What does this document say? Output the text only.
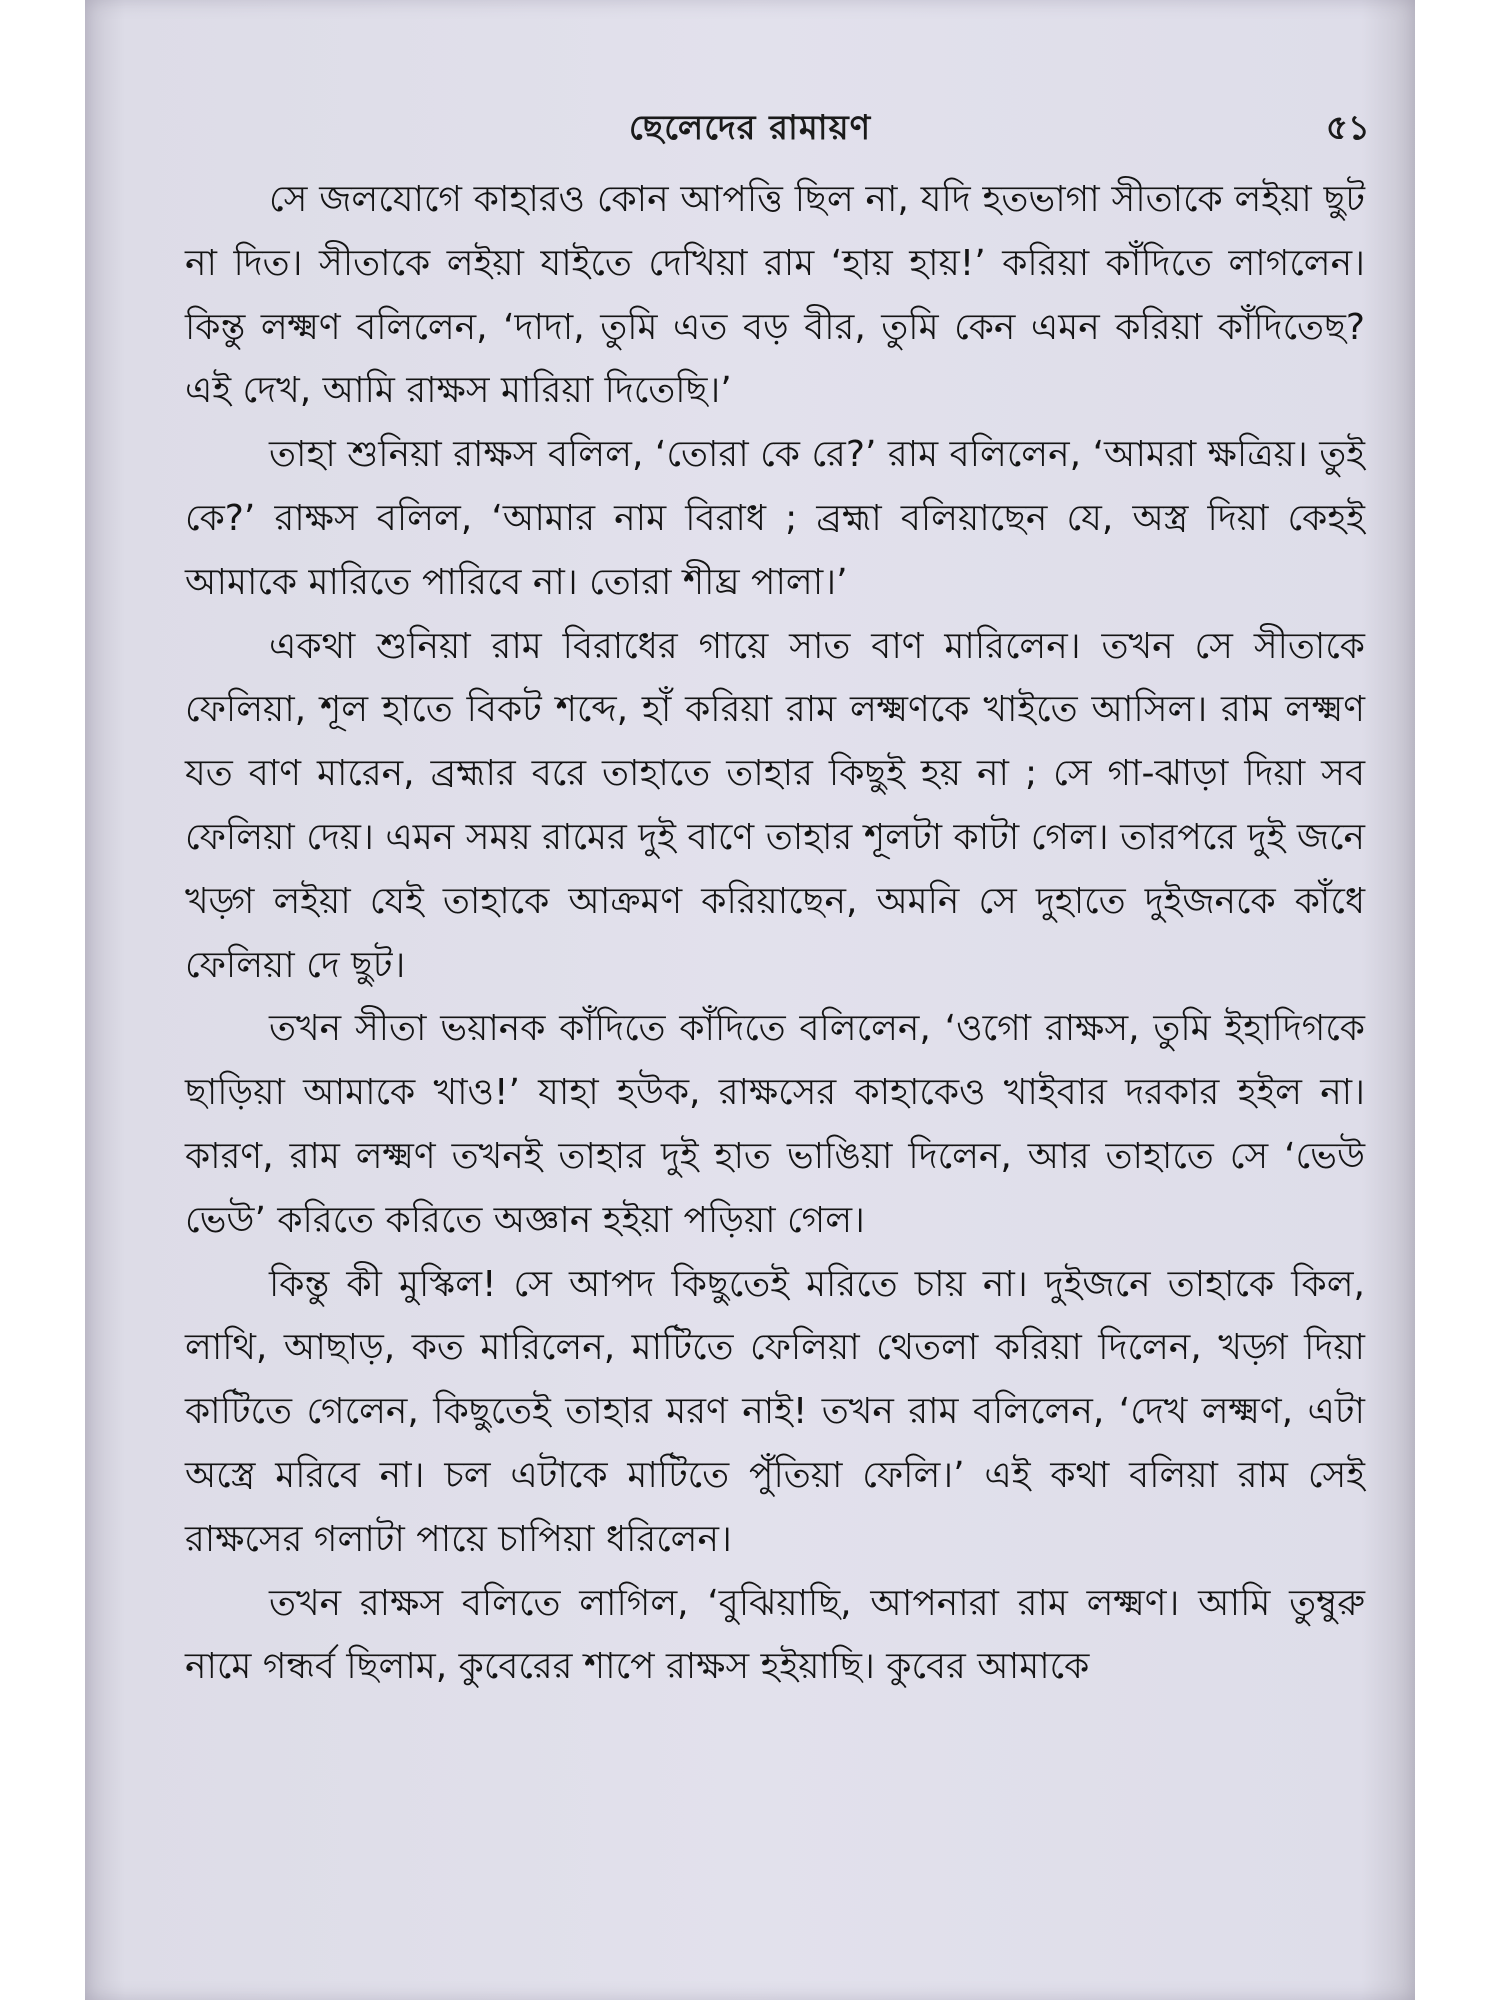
ছেলেদের রামায়ণ	৫১

সে জলযোগে কাহারও কোন আপত্তি ছিল না, যদি হতভাগা সীতাকে লইয়া ছুট না দিত। সীতাকে লইয়া যাইতে দেখিয়া রাম ‘হায় হায়!’ করিয়া কাঁদিতে লাগলেন। কিন্তু লক্ষ্মণ বলিলেন, ‘দাদা, তুমি এত বড় বীর, তুমি কেন এমন করিয়া কাঁদিতেছ? এই দেখ, আমি রাক্ষস মারিয়া দিতেছি।’

তাহা শুনিয়া রাক্ষস বলিল, ‘তোরা কে রে?’ রাম বলিলেন, ‘আমরা ক্ষত্রিয়। তুই কে?’ রাক্ষস বলিল, ‘আমার নাম বিরাধ ; ব্রহ্মা বলিয়াছেন যে, অস্ত্র দিয়া কেহই আমাকে মারিতে পারিবে না। তোরা শীঘ্র পালা।’

একথা শুনিয়া রাম বিরাধের গায়ে সাত বাণ মারিলেন। তখন সে সীতাকে ফেলিয়া, শূল হাতে বিকট শব্দে, হাঁ করিয়া রাম লক্ষ্মণকে খাইতে আসিল। রাম লক্ষ্মণ যত বাণ মারেন, ব্রহ্মার বরে তাহাতে তাহার কিছুই হয় না ; সে গা-ঝাড়া দিয়া সব ফেলিয়া দেয়। এমন সময় রামের দুই বাণে তাহার শূলটা কাটা গেল। তারপরে দুই জনে খড়্গ লইয়া যেই তাহাকে আক্রমণ করিয়াছেন, অমনি সে দুহাতে দুইজনকে কাঁধে ফেলিয়া দে ছুট।

তখন সীতা ভয়ানক কাঁদিতে কাঁদিতে বলিলেন, ‘ওগো রাক্ষস, তুমি ইহাদিগকে ছাড়িয়া আমাকে খাও!’ যাহা হউক, রাক্ষসের কাহাকেও খাইবার দরকার হইল না। কারণ, রাম লক্ষ্মণ তখনই তাহার দুই হাত ভাঙিয়া দিলেন, আর তাহাতে সে ‘ভেউ ভেউ’ করিতে করিতে অজ্ঞান হইয়া পড়িয়া গেল।

কিন্তু কী মুস্কিল! সে আপদ কিছুতেই মরিতে চায় না। দুইজনে তাহাকে কিল, লাথি, আছাড়, কত মারিলেন, মাটিতে ফেলিয়া থেতলা করিয়া দিলেন, খড়্গ দিয়া কাটিতে গেলেন, কিছুতেই তাহার মরণ নাই! তখন রাম বলিলেন, ‘দেখ লক্ষ্মণ, এটা অস্ত্রে মরিবে না। চল এটাকে মাটিতে পুঁতিয়া ফেলি।’ এই কথা বলিয়া রাম সেই রাক্ষসের গলাটা পায়ে চাপিয়া ধরিলেন।

তখন রাক্ষস বলিতে লাগিল, ‘বুঝিয়াছি, আপনারা রাম লক্ষ্মণ। আমি তুম্বুরু নামে গন্ধর্ব ছিলাম, কুবেরের শাপে রাক্ষস হইয়াছি। কুবের আমাকে
